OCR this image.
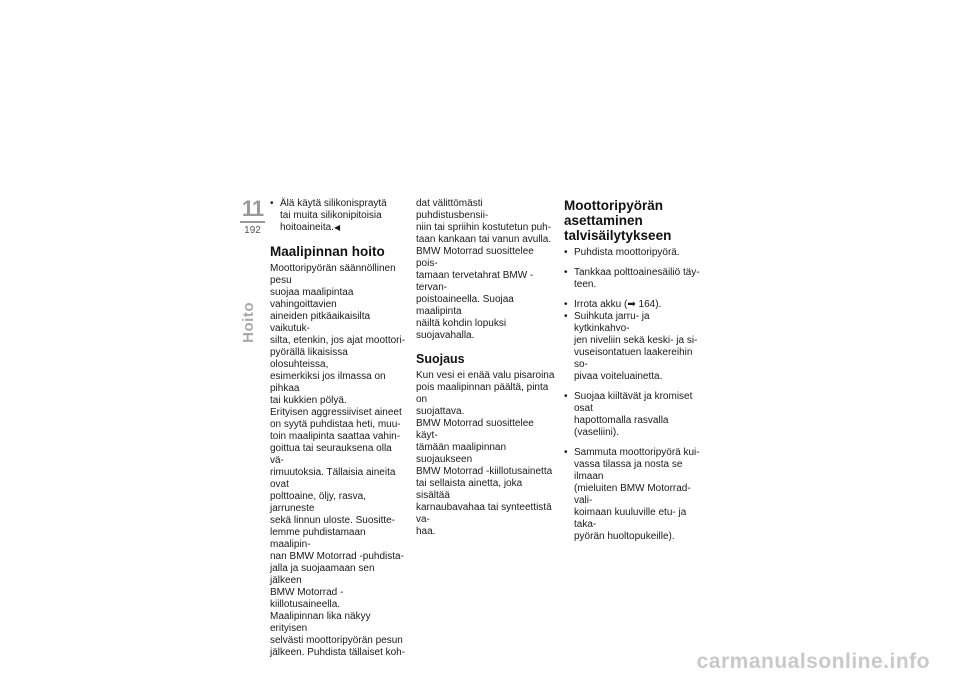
11
192
Hoito
• Älä käytä silikonispraytä

tai muita silikonipitoisia

hoitoaineita.◀

Maalipinnan hoito

Moottoripyörän säännöllinen pesu

suojaa maalipintaa vahingoittavien

aineiden pitkäaikaisilta vaikutuk-

silta, etenkin, jos ajat moottori-

pyörällä likaisissa olosuhteissa,

esimerkiksi jos ilmassa on pihkaa

tai kukkien pölyä.

Erityisen aggressiiviset aineet

on syytä puhdistaa heti, muu-

toin maalipinta saattaa vahin-

goittua tai seurauksena olla vä-

rimuutoksia. Tällaisia aineita ovat

polttoaine, öljy, rasva, jarruneste

sekä linnun uloste. Suositte-

lemme puhdistamaan maalipin-

nan BMW Motorrad -puhdista-

jalla ja suojaamaan sen jälkeen

BMW Motorrad -kiillotusaineella.

Maalipinnan lika näkyy erityisen

selvästi moottoripyörän pesun

jälkeen. Puhdista tällaiset koh-

dat välittömästi puhdistusbensii-

niin tai spriihin kostutetun puh-

taan kankaan tai vanun avulla.

BMW Motorrad suosittelee pois-

tamaan tervetahrat BMW -tervan-

poistoaineella. Suojaa maalipinta

näiltä kohdin lopuksi suojavahalla.

Suojaus

Kun vesi ei enää valu pisaroina

pois maalipinnan päältä, pinta on

suojattava.

BMW Motorrad suosittelee käyt-

tämään maalipinnan suojaukseen

BMW Motorrad -kiillotusainetta

tai sellaista ainetta, joka sisältää

karnaubavahaa tai synteettistä va-

haa.

Moottoripyörän
asettaminen
talvisäilytykseen
• Puhdista moottoripyörä.

• Tankkaa polttoainesäiliö täy-

teen.

• Irrota akku (➡ 164).

• Suihkuta jarru- ja kytkinkahvo-

jen niveliin sekä keski- ja si-

vuseisontatuen laakereihin so-

pivaa voiteluainetta.

• Suojaa kiiltävät ja kromiset osat

hapottomalla rasvalla (vaseliini).

• Sammuta moottoripyörä kui-

vassa tilassa ja nosta se ilmaan

(mieluiten BMW Motorrad-vali-

koimaan kuuluville etu- ja taka-

pyörän huoltopukeille).

carmanualsonline.info
